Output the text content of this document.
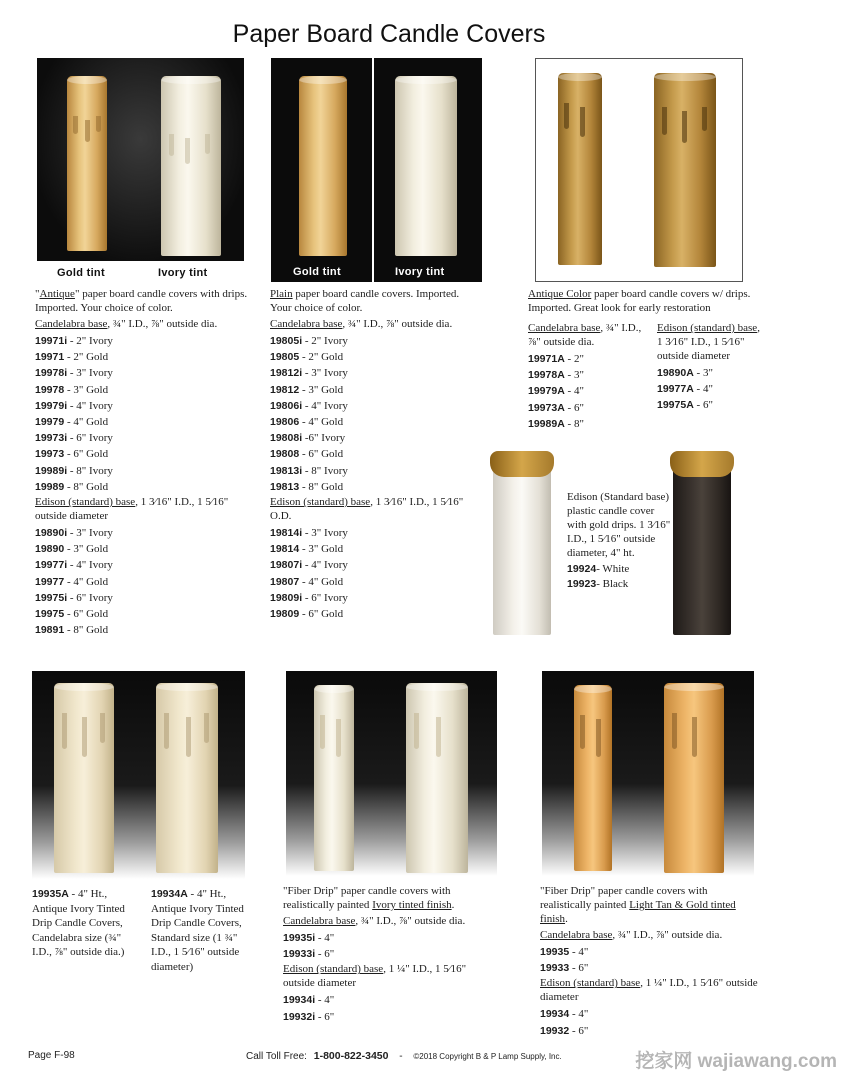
Paper Board Candle Covers
Gold tint	Ivory tint	Gold tint	Ivory tint
"Antique" paper board candle covers with drips. Imported. Your choice of color.
Candelabra base, ¾" I.D., ⅞" outside dia.
19971i - 2" Ivory
19971 - 2" Gold
19978i - 3" Ivory
19978 - 3" Gold
19979i - 4" Ivory
19979 - 4" Gold
19973i - 6" Ivory
19973 - 6" Gold
19989i - 8" Ivory
19989 - 8" Gold
Edison (standard) base, 1 3⁄16" I.D., 1 5⁄16" outside diameter
19890i - 3" Ivory
19890 - 3" Gold
19977i - 4" Ivory
19977 - 4" Gold
19975i - 6" Ivory
19975 - 6" Gold
19891 - 8" Gold
Plain paper board candle covers. Imported. Your choice of color.
Candelabra base, ¾" I.D., ⅞" outside dia.
19805i - 2" Ivory
19805 - 2" Gold
19812i - 3" Ivory
19812 - 3" Gold
19806i - 4" Ivory
19806 - 4" Gold
19808i -6" Ivory
19808 - 6" Gold
19813i - 8" Ivory
19813 - 8" Gold
Edison (standard) base, 1 3⁄16" I.D., 1 5⁄16" O.D.
19814i - 3" Ivory
19814 - 3" Gold
19807i - 4" Ivory
19807 - 4" Gold
19809i - 6" Ivory
19809 - 6" Gold
Antique Color paper board candle covers w/ drips. Imported. Great look for early restoration
Candelabra base, ¾" I.D., ⅞" outside dia.
19971A - 2"
19978A - 3"
19979A - 4"
19973A - 6"
19989A - 8"
Edison (standard) base, 1 3⁄16" I.D., 1 5⁄16" outside diameter
19890A - 3"
19977A - 4"
19975A - 6"
Edison (Standard base) plastic candle cover with gold drips. 1 3⁄16" I.D., 1 5⁄16" outside diameter, 4" ht.
19924- White
19923- Black
19935A - 4" Ht., Antique Ivory Tinted Drip Candle Covers, Candelabra size (¾" I.D., ⅞" outside dia.)
19934A - 4" Ht., Antique Ivory Tinted Drip Candle Covers, Standard size (1 ¾" I.D., 1 5⁄16" outside diameter)
"Fiber Drip" paper candle covers with realistically painted Ivory tinted finish.
Candelabra base, ¾" I.D., ⅞" outside dia.
19935i - 4"
19933i - 6"
Edison (standard) base, 1 ¼" I.D., 1 5⁄16" outside diameter
19934i - 4"
19932i - 6"
"Fiber Drip" paper candle covers with realistically painted Light Tan & Gold tinted finish.
Candelabra base, ¾" I.D., ⅞" outside dia.
19935 - 4"
19933 - 6"
Edison (standard) base, 1 ¼" I.D., 1 5⁄16" outside diameter
19934 - 4"
19932 - 6"
Page F-98	Call Toll Free: 1-800-822-3450 - ©2018 Copyright B & P Lamp Supply, Inc.	挖家网 wajiawang.com
